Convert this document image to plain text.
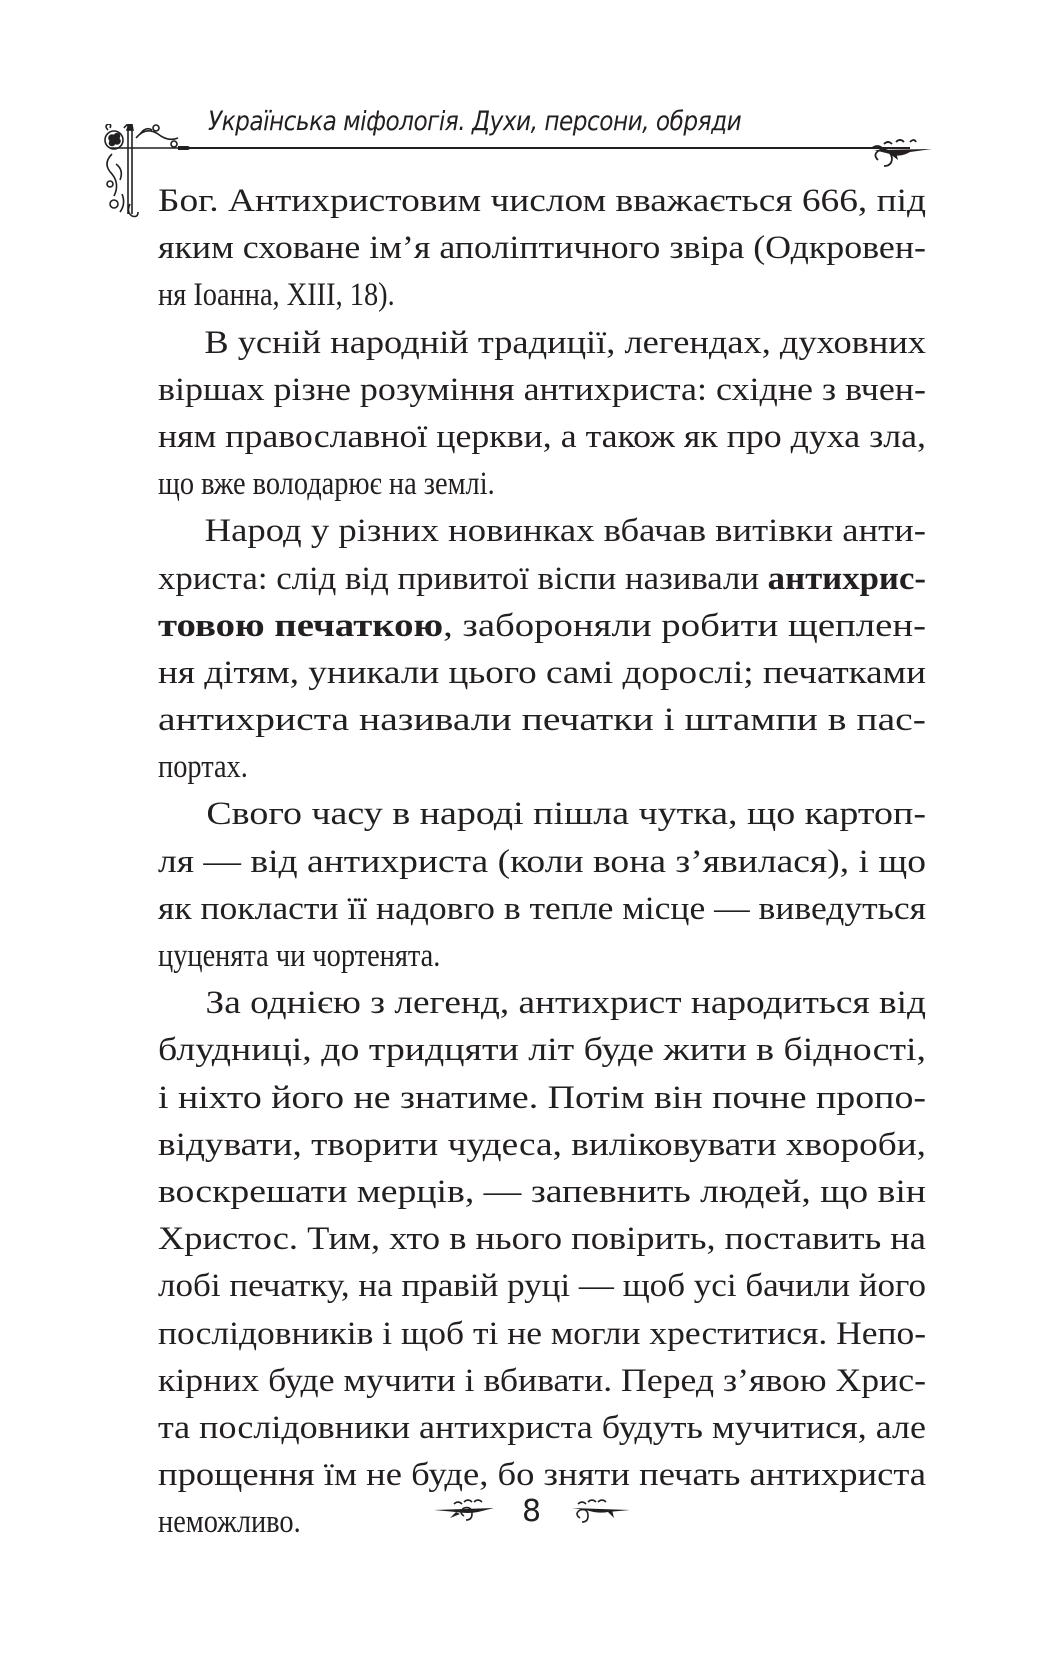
Українська міфологія. Духи, персони, обряди
Бог. Антихристовим числом вважається 666, під
яким сховане ім’я аполіптичного звіра (Одкровен-
ня Іоанна, XIII, 18).
В усній народній традиції, легендах, духовних
віршах різне розуміння антихриста: східне з вчен-
ням православної церкви, а також як про духа зла,
що вже володарює на землі.
Народ у різних новинках вбачав витівки анти-
христа: слід від привитої віспи називали антихрис-
товою печаткою, забороняли робити щеплен-
ня дітям, уникали цього самі дорослі; печатками
антихриста називали печатки і штампи в пас-
портах.
Свого часу в народі пішла чутка, що картоп-
ля — від антихриста (коли вона з’явилася), і що
як покласти її надовго в тепле місце — виведуться
цуценята чи чортенята.
За однією з легенд, антихрист народиться від
блудниці, до тридцяти літ буде жити в бідності,
і ніхто його не знатиме. Потім він почне пропо-
відувати, творити чудеса, виліковувати хвороби,
воскрешати мерців, — запевнить людей, що він
Христос. Тим, хто в нього повірить, поставить на
лобі печатку, на правій руці — щоб усі бачили його
послідовників і щоб ті не могли хреститися. Непо-
кірних буде мучити і вбивати. Перед з’явою Хрис-
та послідовники антихриста будуть мучитися, але
прощення їм не буде, бо зняти печать антихриста
неможливо.	8
